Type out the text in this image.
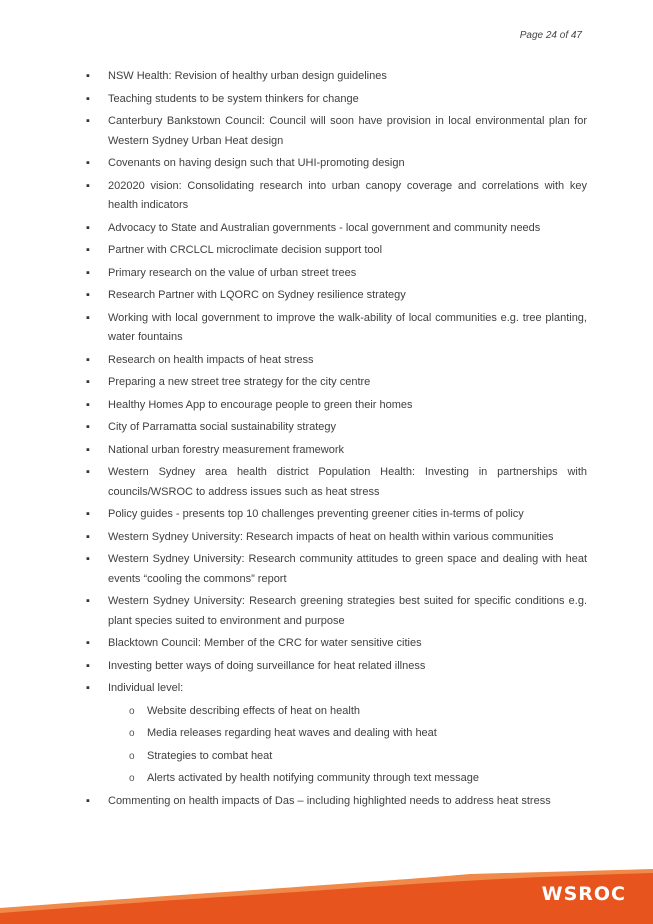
Page 24 of 47
▪ NSW Health: Revision of healthy urban design guidelines
▪ Teaching students to be system thinkers for change
▪ Canterbury Bankstown Council: Council will soon have provision in local environmental plan for Western Sydney Urban Heat design
▪ Covenants on having design such that UHI-promoting design
▪ 202020 vision: Consolidating research into urban canopy coverage and correlations with key health indicators
▪ Advocacy to State and Australian governments - local government and community needs
▪ Partner with CRCLCL microclimate decision support tool
▪ Primary research on the value of urban street trees
▪ Research Partner with LQORC on Sydney resilience strategy
▪ Working with local government to improve the walk-ability of local communities e.g. tree planting, water fountains
▪ Research on health impacts of heat stress
▪ Preparing a new street tree strategy for the city centre
▪ Healthy Homes App to encourage people to green their homes
▪ City of Parramatta social sustainability strategy
▪ National urban forestry measurement framework
▪ Western Sydney area health district Population Health: Investing in partnerships with councils/WSROC to address issues such as heat stress
▪ Policy guides - presents top 10 challenges preventing greener cities in-terms of policy
▪ Western Sydney University: Research impacts of heat on health within various communities
▪ Western Sydney University: Research community attitudes to green space and dealing with heat events “cooling the commons” report
▪ Western Sydney University: Research greening strategies best suited for specific conditions e.g. plant species suited to environment and purpose
▪ Blacktown Council: Member of the CRC for water sensitive cities
▪ Investing better ways of doing surveillance for heat related illness
▪ Individual level:
o Website describing effects of heat on health
o Media releases regarding heat waves and dealing with heat
o Strategies to combat heat
o Alerts activated by health notifying community through text message
▪ Commenting on health impacts of Das – including highlighted needs to address heat stress
WSROC
